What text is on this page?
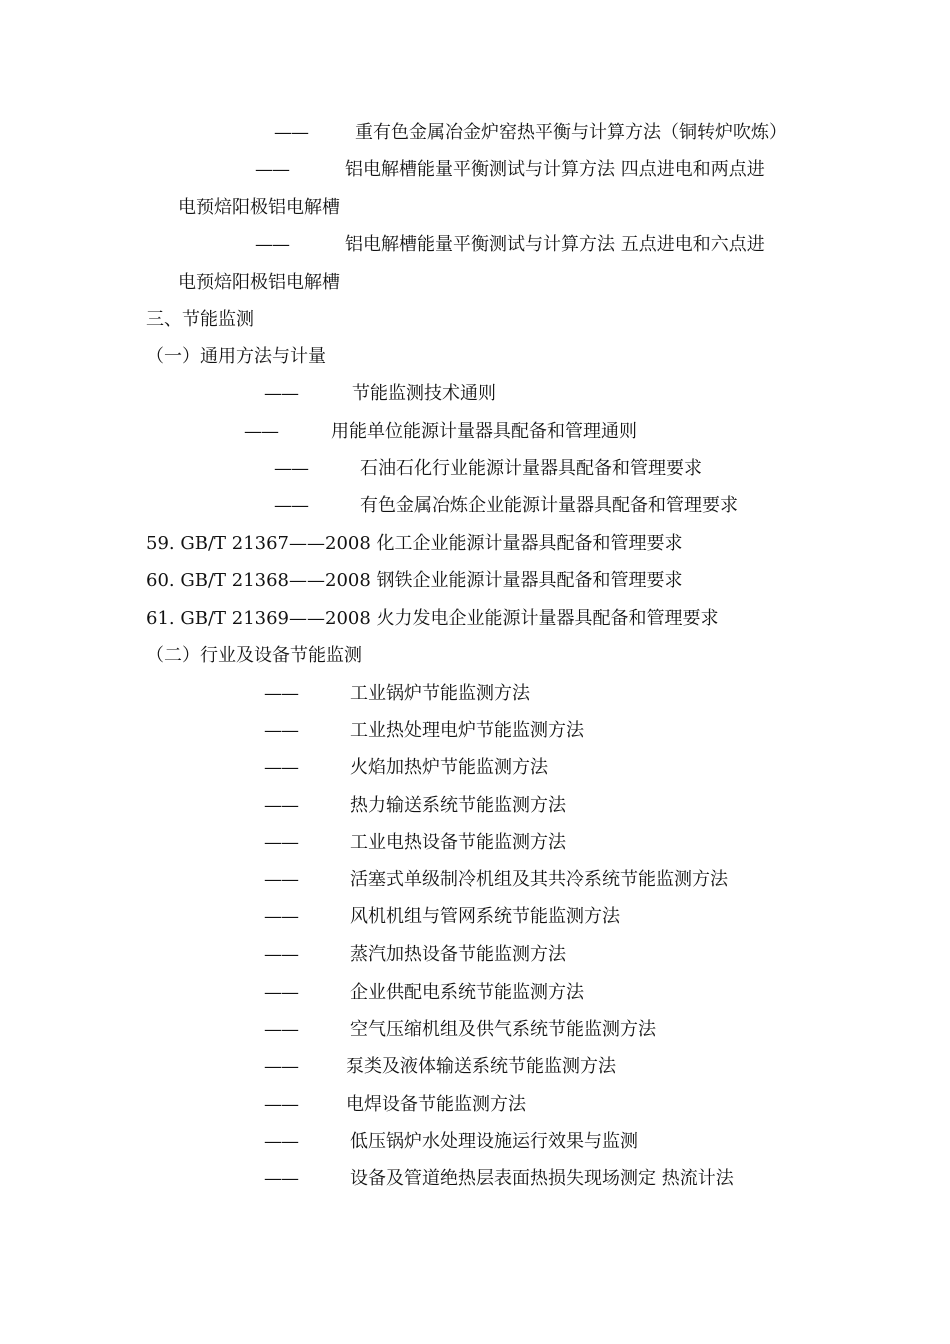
——	重有色金属冶金炉窑热平衡与计算方法（铜转炉吹炼）
——	铝电解槽能量平衡测试与计算方法 四点进电和两点进
电预焙阳极铝电解槽
——	铝电解槽能量平衡测试与计算方法 五点进电和六点进
电预焙阳极铝电解槽
三、节能监测
（一）通用方法与计量
——	节能监测技术通则
——	用能单位能源计量器具配备和管理通则
——	石油石化行业能源计量器具配备和管理要求
——	有色金属冶炼企业能源计量器具配备和管理要求
59. GB/T 21367——2008 化工企业能源计量器具配备和管理要求
60. GB/T 21368——2008 钢铁企业能源计量器具配备和管理要求
61. GB/T 21369——2008 火力发电企业能源计量器具配备和管理要求
（二）行业及设备节能监测
——	工业锅炉节能监测方法
——	工业热处理电炉节能监测方法
——	火焰加热炉节能监测方法
——	热力输送系统节能监测方法
——	工业电热设备节能监测方法
——	活塞式单级制冷机组及其共冷系统节能监测方法
——	风机机组与管网系统节能监测方法
——	蒸汽加热设备节能监测方法
——	企业供配电系统节能监测方法
——	空气压缩机组及供气系统节能监测方法
——	泵类及液体输送系统节能监测方法
——	电焊设备节能监测方法
——	低压锅炉水处理设施运行效果与监测
——	设备及管道绝热层表面热损失现场测定 热流计法
